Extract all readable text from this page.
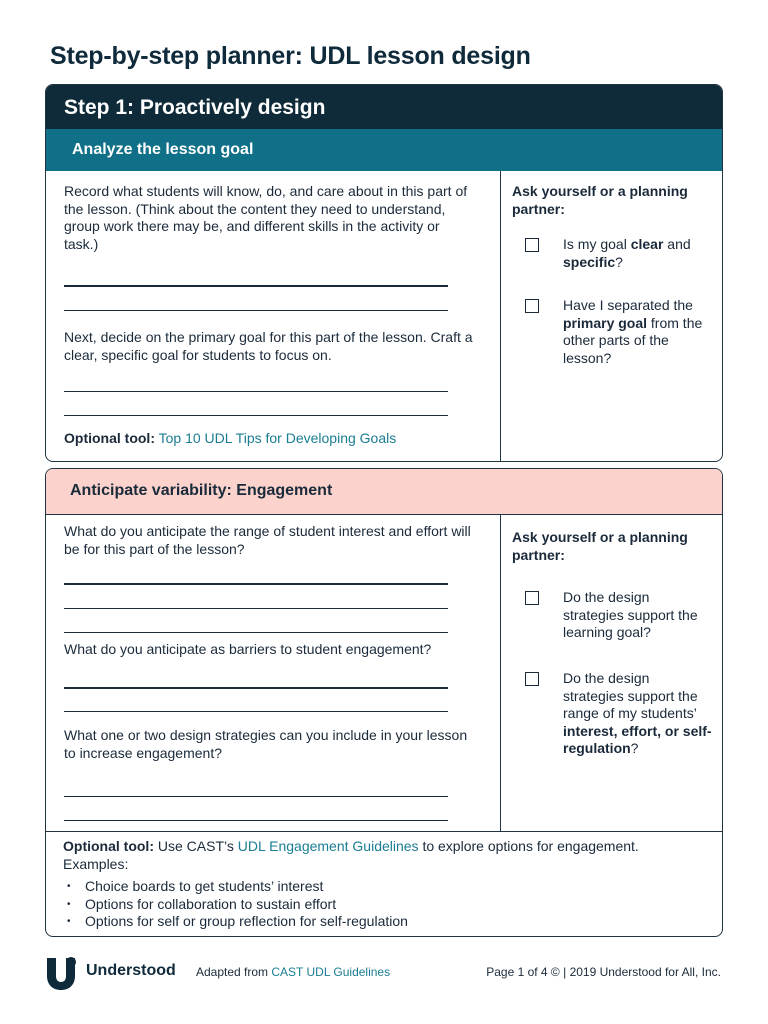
Step-by-step planner: UDL lesson design
Step 1: Proactively design
Analyze the lesson goal
Record what students will know, do, and care about in this part of the lesson. (Think about the content they need to understand, group work there may be, and different skills in the activity or task.)
Next, decide on the primary goal for this part of the lesson. Craft a clear, specific goal for students to focus on.
Optional tool: Top 10 UDL Tips for Developing Goals
Ask yourself or a planning partner:
Is my goal clear and specific?
Have I separated the primary goal from the other parts of the lesson?
Anticipate variability: Engagement
What do you anticipate the range of student interest and effort will be for this part of the lesson?
What do you anticipate as barriers to student engagement?
What one or two design strategies can you include in your lesson to increase engagement?
Ask yourself or a planning partner:
Do the design strategies support the learning goal?
Do the design strategies support the range of my students’ interest, effort, or self-regulation?
Optional tool: Use CAST’s UDL Engagement Guidelines to explore options for engagement.
Examples:
• Choice boards to get students’ interest
• Options for collaboration to sustain effort
• Options for self or group reflection for self-regulation
Understood Adapted from CAST UDL Guidelines	Page 1 of 4 © | 2019 Understood for All, Inc.
